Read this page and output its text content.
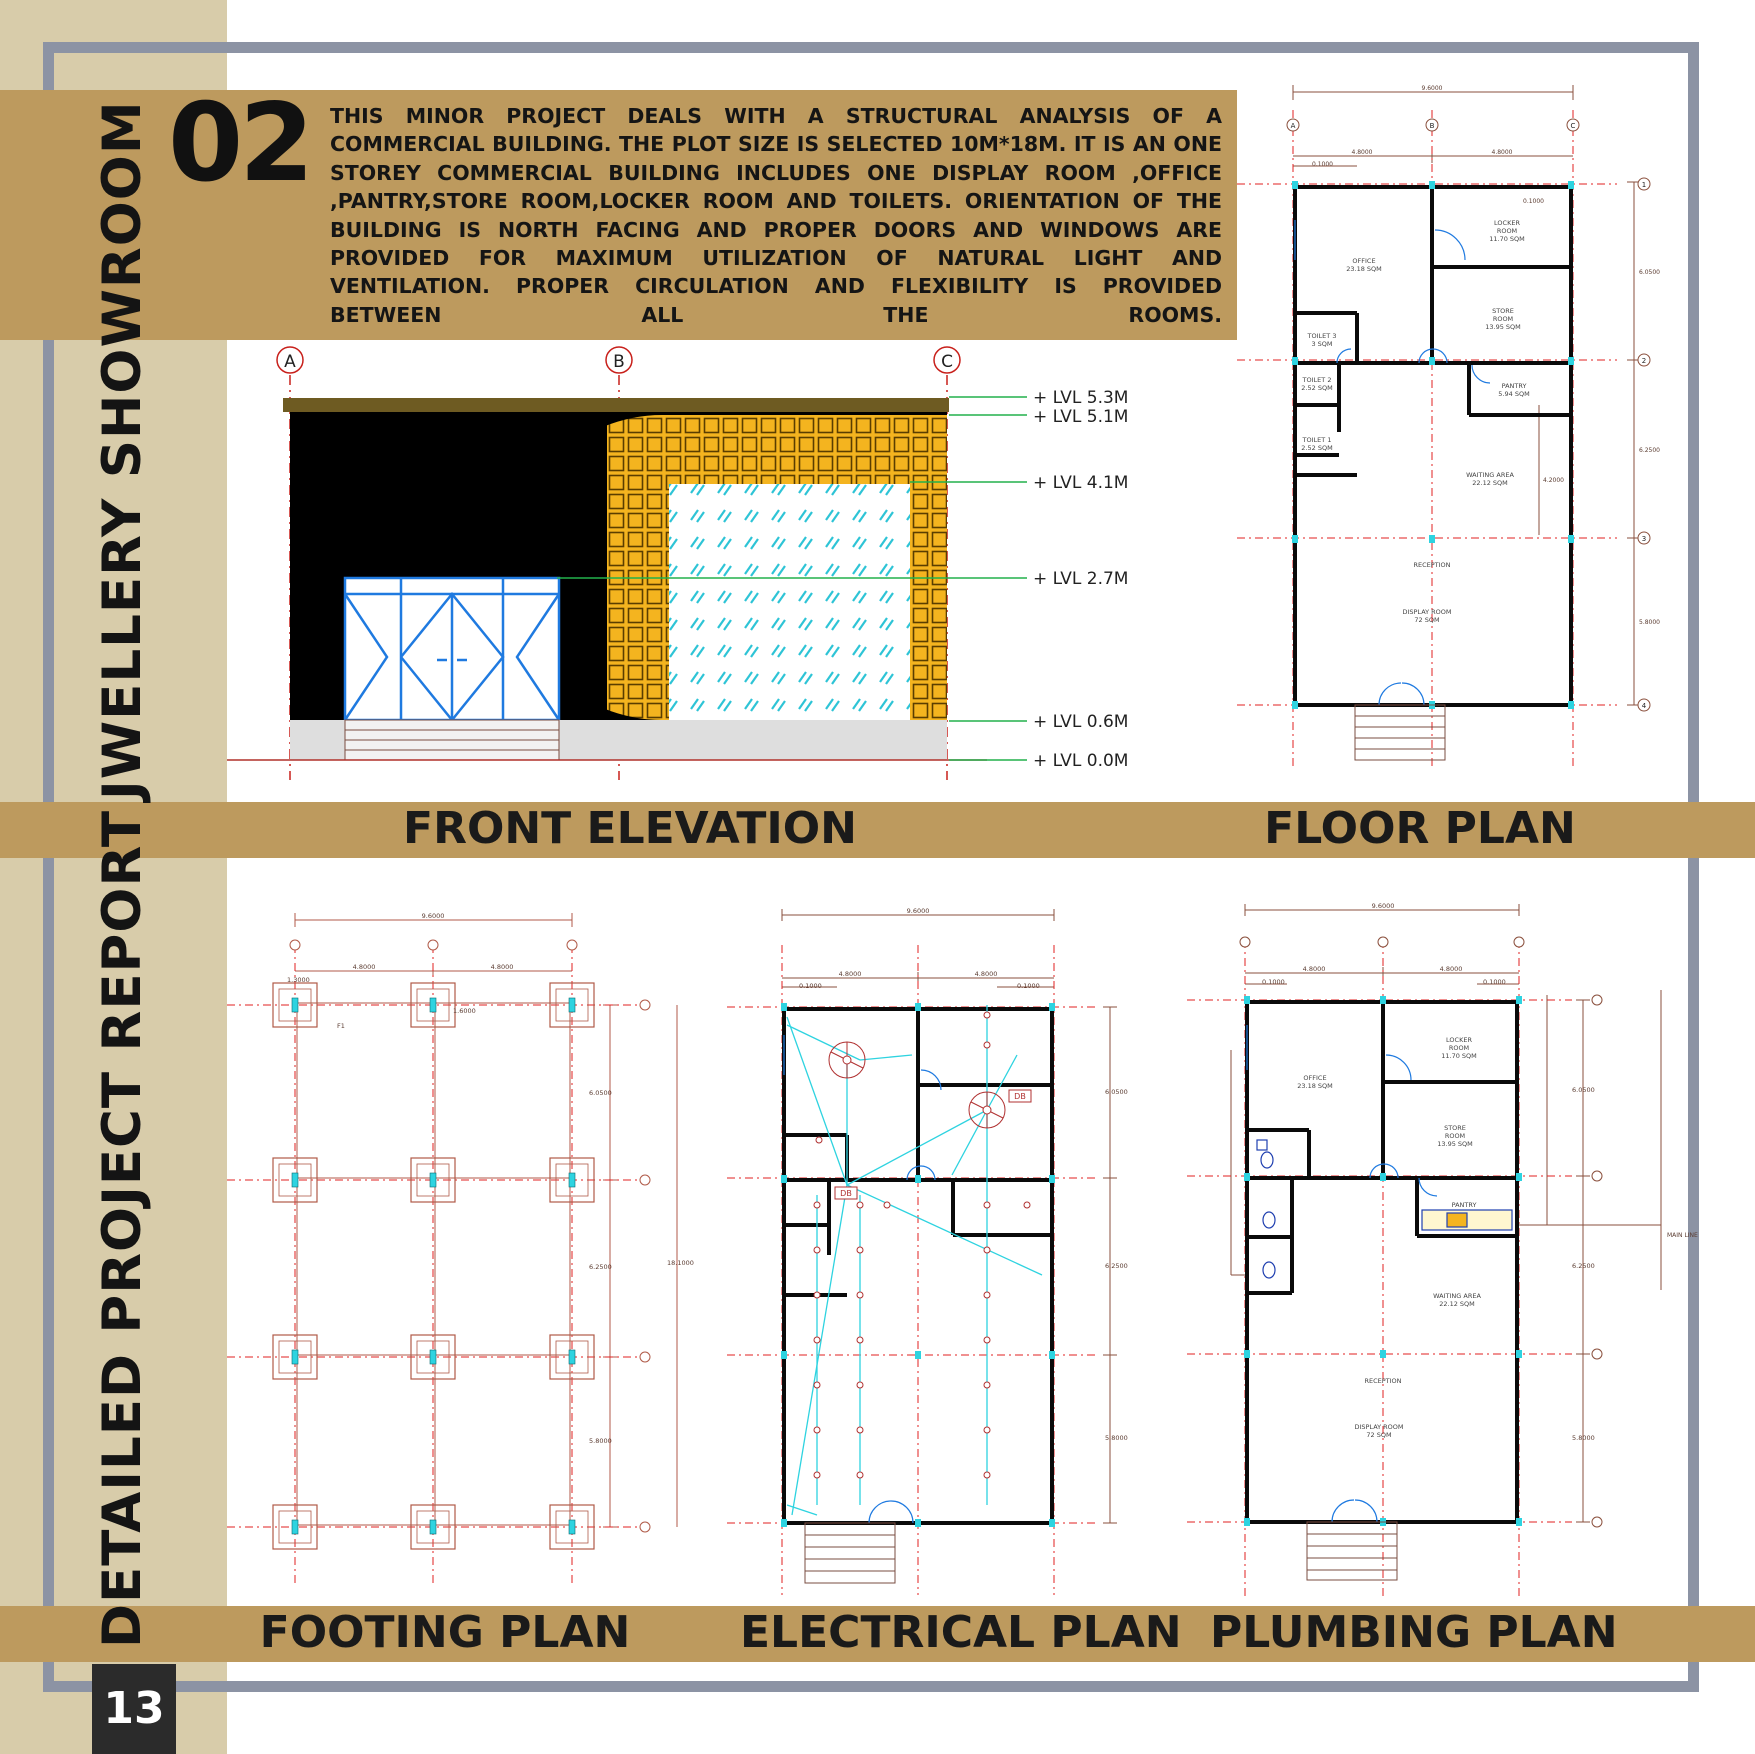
JWELLERY SHOWROOM
DETAILED PROJECT REPORT
13
02 THIS MINOR PROJECT DEALS WITH A STRUCTURAL ANALYSIS OF A COMMERCIAL BUILDING. THE PLOT SIZE IS SELECTED 10M*18M. IT IS AN ONE STOREY COMMERCIAL BUILDING INCLUDES ONE DISPLAY ROOM ,OFFICE ,PANTRY,STORE ROOM,LOCKER ROOM AND TOILETS. ORIENTATION OF THE BUILDING IS NORTH FACING AND PROPER DOORS AND WINDOWS ARE PROVIDED FOR MAXIMUM UTILIZATION OF NATURAL LIGHT AND VENTILATION. PROPER CIRCULATION AND FLEXIBILITY IS PROVIDED BETWEEN ALL THE ROOMS.
FRONT ELEVATION	FLOOR PLAN
FOOTING PLAN	ELECTRICAL PLAN PLUMBING PLAN
A	B	C
+ LVL 5.3M
+ LVL 5.1M
+ LVL 4.1M
+ LVL 2.7M
+ LVL 0.6M
+ LVL 0.0M
9.6000
4.8000	4.8000
0.1000
0.1000
6.0500
6.2500
5.8000
4.2000
A	B	C
1
2
3
4
OFFICE
23.18 SQM
LOCKER
ROOM
11.70 SQM
STORE
ROOM
13.95 SQM
TOILET 3
3 SQM
TOILET 2
2.52 SQM
TOILET 1
2.52 SQM
PANTRY
5.94 SQM
WAITING AREA
22.12 SQM
RECEPTION
DISPLAY ROOM
72 SQM
9.6000
4.8000	4.8000
1.3000
1.6000
F1
6.0500
6.2500
5.8000
18.1000
DB
DB
9.6000
4.8000	4.8000
0.1000	0.1000
6.0500
6.2500
5.8000
OFFICE
23.18 SQM
LOCKER
ROOM
11.70 SQM
STORE
ROOM
13.95 SQM
PANTRY
WAITING AREA
22.12 SQM
RECEPTION
DISPLAY ROOM
72 SQM
9.6000
4.8000	4.8000
0.1000	0.1000
6.0500
6.2500
5.8000
MAIN LINE
